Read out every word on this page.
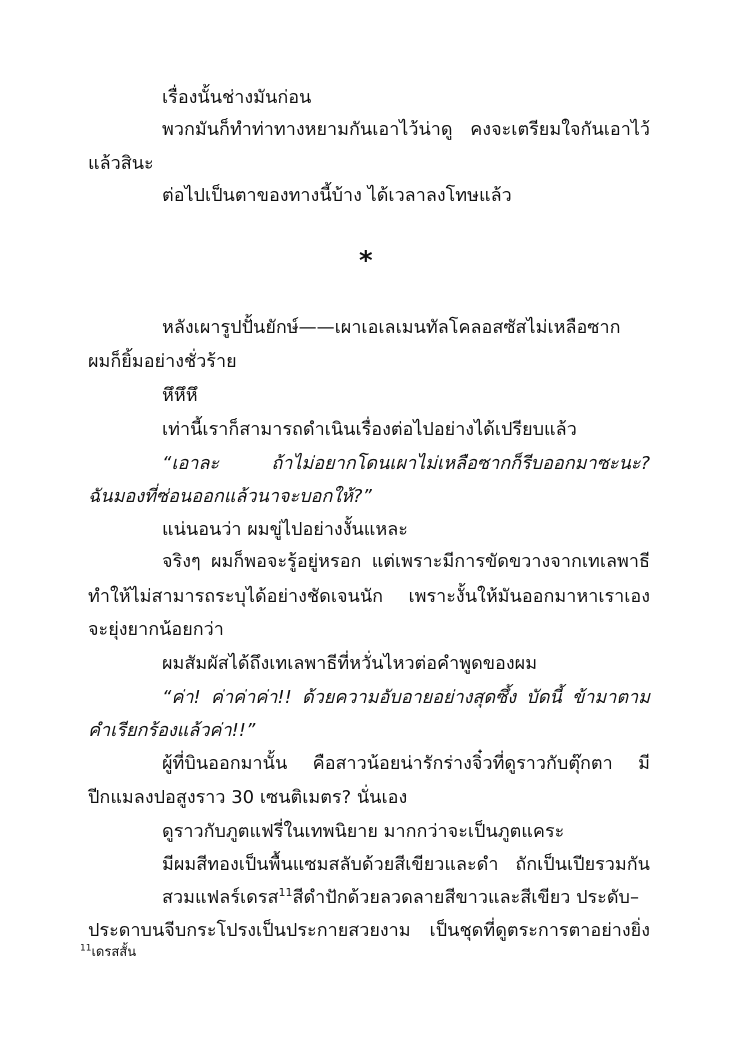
เรื่องนั้นช่างมันก่อน
พวกมันก็ทำท่าทางหยามกันเอาไว้น่าดู คงจะเตรียมใจกันเอาไว้
แล้วสินะ
ต่อไปเป็นตาของทางนี้บ้าง ได้เวลาลงโทษแล้ว
*
หลังเผารูปปั้นยักษ์——เผาเอเลเมนทัลโคลอสซัสไม่เหลือซาก
ผมก็ยิ้มอย่างชั่วร้าย
หึหึหึ
เท่านี้เราก็สามารถดำเนินเรื่องต่อไปอย่างได้เปรียบแล้ว
“เอาละ ถ้าไม่อยากโดนเผาไม่เหลือซากก็รีบออกมาซะนะ?
ฉันมองที่ซ่อนออกแล้วนาจะบอกให้?”
แน่นอนว่า ผมขู่ไปอย่างงั้นแหละ
จริงๆ ผมก็พอจะรู้อยู่หรอก แต่เพราะมีการขัดขวางจากเทเลพาธี
ทำให้ไม่สามารถระบุได้อย่างชัดเจนนัก เพราะงั้นให้มันออกมาหาเราเอง
จะยุ่งยากน้อยกว่า
ผมสัมผัสได้ถึงเทเลพาธีที่หวั่นไหวต่อคำพูดของผม
“ค่า! ค่าค่าค่า!! ด้วยความอับอายอย่างสุดซึ้ง บัดนี้ ข้ามาตาม
คำเรียกร้องแล้วค่า!!”
ผู้ที่บินออกมานั้น คือสาวน้อยน่ารักร่างจิ๋วที่ดูราวกับตุ๊กตา มี
ปีกแมลงปอสูงราว 30 เซนติเมตร? นั่นเอง
ดูราวกับภูตแฟรี่ในเทพนิยาย มากกว่าจะเป็นภูตแคระ
มีผมสีทองเป็นพื้นแซมสลับด้วยสีเขียวและดำ ถักเป็นเปียรวมกัน
สวมแฟลร์เดรส$^{11}$สีดำปักด้วยลวดลายสีขาวและสีเขียว ประดับ–
ประดาบนจีบกระโปรงเป็นประกายสวยงาม เป็นชุดที่ดูตระการตาอย่างยิ่ง
$^{11}$เดรสสั้น
